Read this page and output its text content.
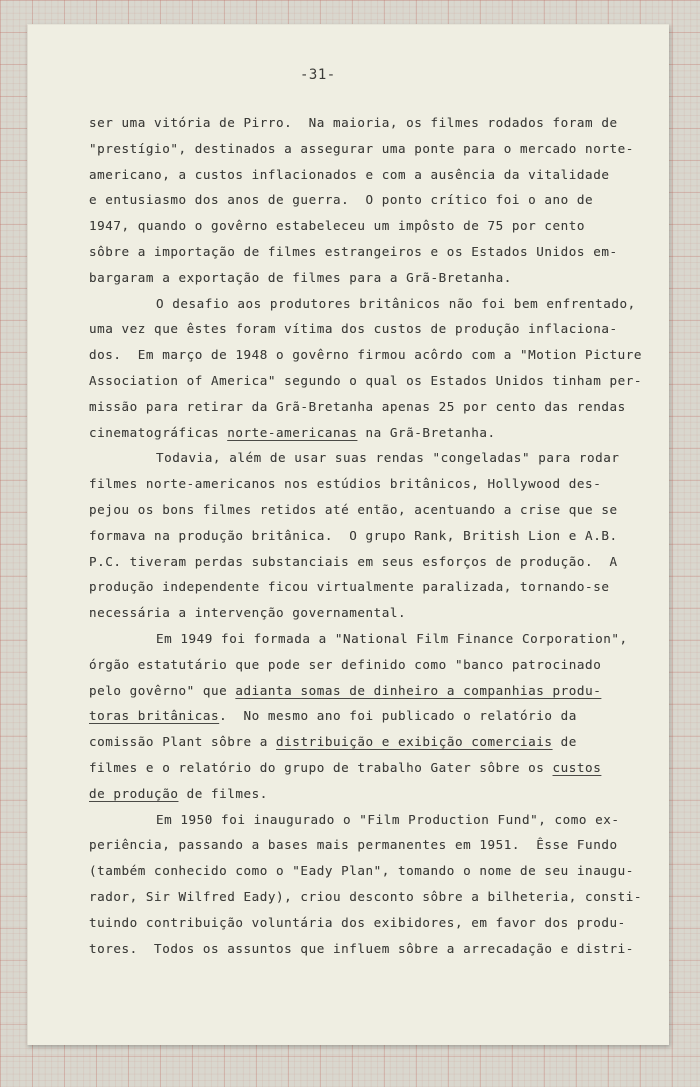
-31-

ser uma vitória de Pirro.  Na maioria, os filmes rodados foram de
"prestígio", destinados a assegurar uma ponte para o mercado norte-
americano, a custos inflacionados e com a ausência da vitalidade
e entusiasmo dos anos de guerra.  O ponto crítico foi o ano de
1947, quando o govêrno estabeleceu um impôsto de 75 por cento
sôbre a importação de filmes estrangeiros e os Estados Unidos em-
bargaram a exportação de filmes para a Grã-Bretanha.

O desafio aos produtores britânicos não foi bem enfrentado,
uma vez que êstes foram vítima dos custos de produção inflaciona-
dos.  Em março de 1948 o govêrno firmou acôrdo com a "Motion Picture
Association of America" segundo o qual os Estados Unidos tinham per-
missão para retirar da Grã-Bretanha apenas 25 por cento das rendas
cinematográficas norte-americanas na Grã-Bretanha.

Todavia, além de usar suas rendas "congeladas" para rodar
filmes norte-americanos nos estúdios britânicos, Hollywood des-
pejou os bons filmes retidos até então, acentuando a crise que se
formava na produção britânica.  O grupo Rank, British Lion e A.B.
P.C. tiveram perdas substanciais em seus esforços de produção.  A
produção independente ficou virtualmente paralizada, tornando-se
necessária a intervenção governamental.

Em 1949 foi formada a "National Film Finance Corporation",
órgão estatutário que pode ser definido como "banco patrocinado
pelo govêrno" que adianta somas de dinheiro a companhias produ-
toras britânicas.  No mesmo ano foi publicado o relatório da
comissão Plant sôbre a distribuição e exibição comerciais de
filmes e o relatório do grupo de trabalho Gater sôbre os custos
de produção de filmes.

Em 1950 foi inaugurado o "Film Production Fund", como ex-
periência, passando a bases mais permanentes em 1951.  Êsse Fundo
(também conhecido como o "Eady Plan", tomando o nome de seu inaugu-
rador, Sir Wilfred Eady), criou desconto sôbre a bilheteria, consti-
tuindo contribuição voluntária dos exibidores, em favor dos produ-
tores.  Todos os assuntos que influem sôbre a arrecadação e distri-
